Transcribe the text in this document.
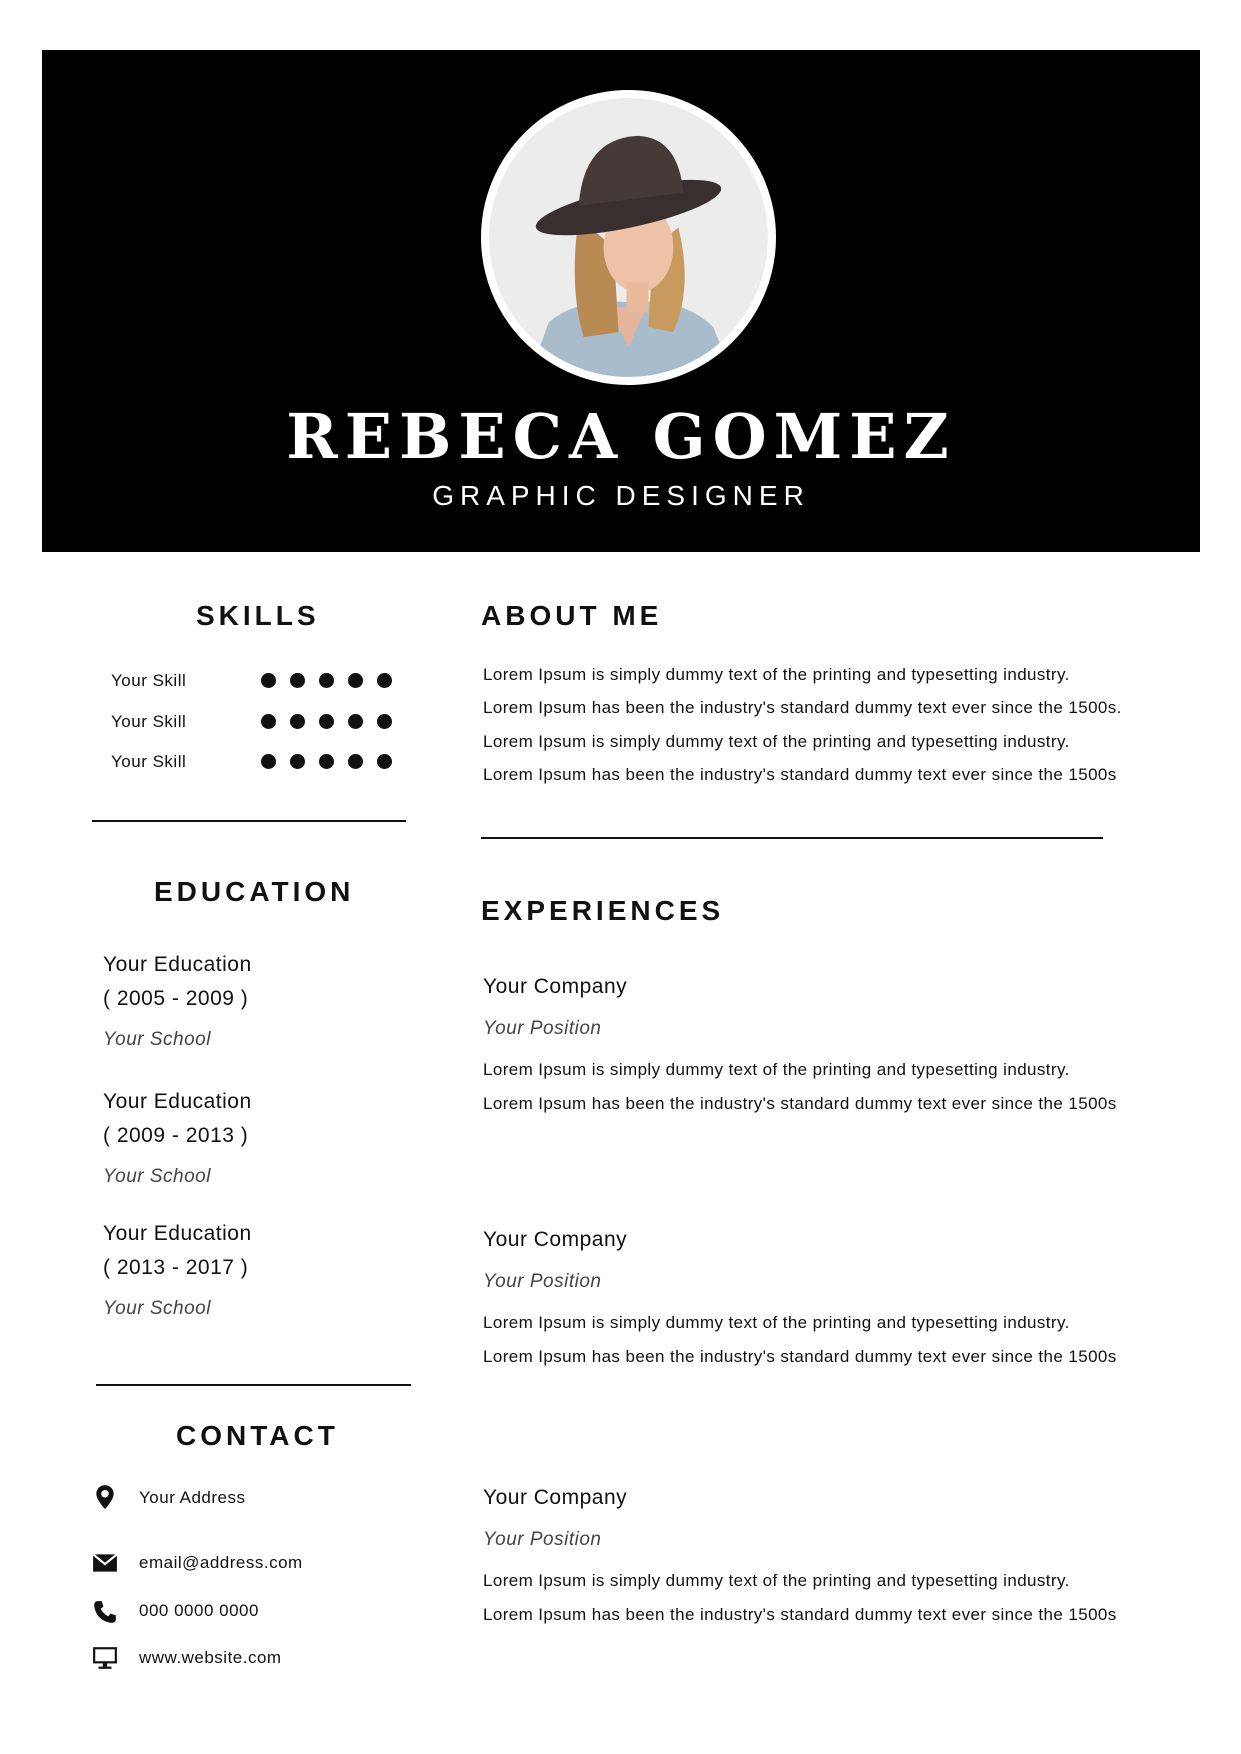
REBECA GOMEZ
GRAPHIC DESIGNER
SKILLS
Your Skill
Your Skill
Your Skill
ABOUT ME
Lorem Ipsum is simply dummy text of the printing and typesetting industry.
Lorem Ipsum has been the industry's standard dummy text ever since the 1500s.
Lorem Ipsum is simply dummy text of the printing and typesetting industry.
Lorem Ipsum has been the industry's standard dummy text ever since the 1500s
EDUCATION
Your Education
( 2005 - 2009 )
Your School
Your Education
( 2009 - 2013 )
Your School
Your Education
( 2013 - 2017 )
Your School
EXPERIENCES
Your Company
Your Position
Lorem Ipsum is simply dummy text of the printing and typesetting industry.
Lorem Ipsum has been the industry's standard dummy text ever since the 1500s
Your Company
Your Position
Lorem Ipsum is simply dummy text of the printing and typesetting industry.
Lorem Ipsum has been the industry's standard dummy text ever since the 1500s
Your Company
Your Position
Lorem Ipsum is simply dummy text of the printing and typesetting industry.
Lorem Ipsum has been the industry's standard dummy text ever since the 1500s
CONTACT
Your Address
email@address.com
000 0000 0000
www.website.com
